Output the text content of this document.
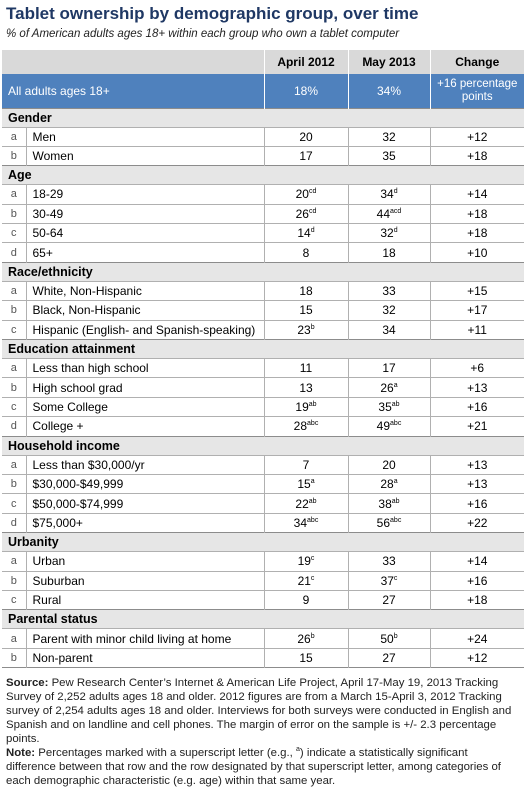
Tablet ownership by demographic group, over time
% of American adults ages 18+ within each group who own a tablet computer
		April 2012	May 2013	Change
All adults ages 18+		18%	34%	+16 percentage
points
Gender				
a	Men	20	32	+12
b	Women	17	35	+18
Age				
a	18-29	$20^{cd}$	$34^d$	+14
b	30-49	$26^{cd}$	$44^{acd}$	+18
c	50-64	14$^d$	$32^d$	+18
d	65+	8	18	+10
Race/ethnicity				
a	White, Non-Hispanic	18	33	+15
b	Black, Non-Hispanic	15	32	+17
c	Hispanic (English- and Spanish-speaking)	23$^b$	34	+11
Education attainment				
a	Less than high school	11	17	+6
b	High school grad	13	$26^a$	+13
c	Some College	$19^{ab}$	$35^{ab}$	+16
d	College +	$28^{abc}$	$49^{abc}$	+21
Household income				
a	Less than $30,000/yr	7	20	+13
b	$30,000-$49,999	15$^a$	$28^a$	+13
c	$50,000-$74,999	$22^{ab}$	$38^{ab}$	+16
d	$75,000+	$34^{abc}$	$56^{abc}$	+22
Urbanity				
a	Urban	19$^c$	33	+14
b	Suburban	21$^c$	$37^c$	+16
c	Rural	9	27	+18
Parental status				
a	Parent with minor child living at home	26$^b$	$50^b$	+24
b	Non-parent	15	27	+12
Source: Pew Research Center’s Internet & American Life Project, April 17-May 19, 2013 Tracking Survey of 2,252 adults ages 18 and older. 2012 figures are from a March 15-April 3, 2012 Tracking survey of 2,254 adults ages 18 and older. Interviews for both surveys were conducted in English and Spanish and on landline and cell phones. The margin of error on the sample is +/- 2.3 percentage points.
Note: Percentages marked with a superscript letter (e.g., $^a$) indicate a statistically significant difference between that row and the row designated by that superscript letter, among categories of each demographic characteristic (e.g. age) within that same year.
